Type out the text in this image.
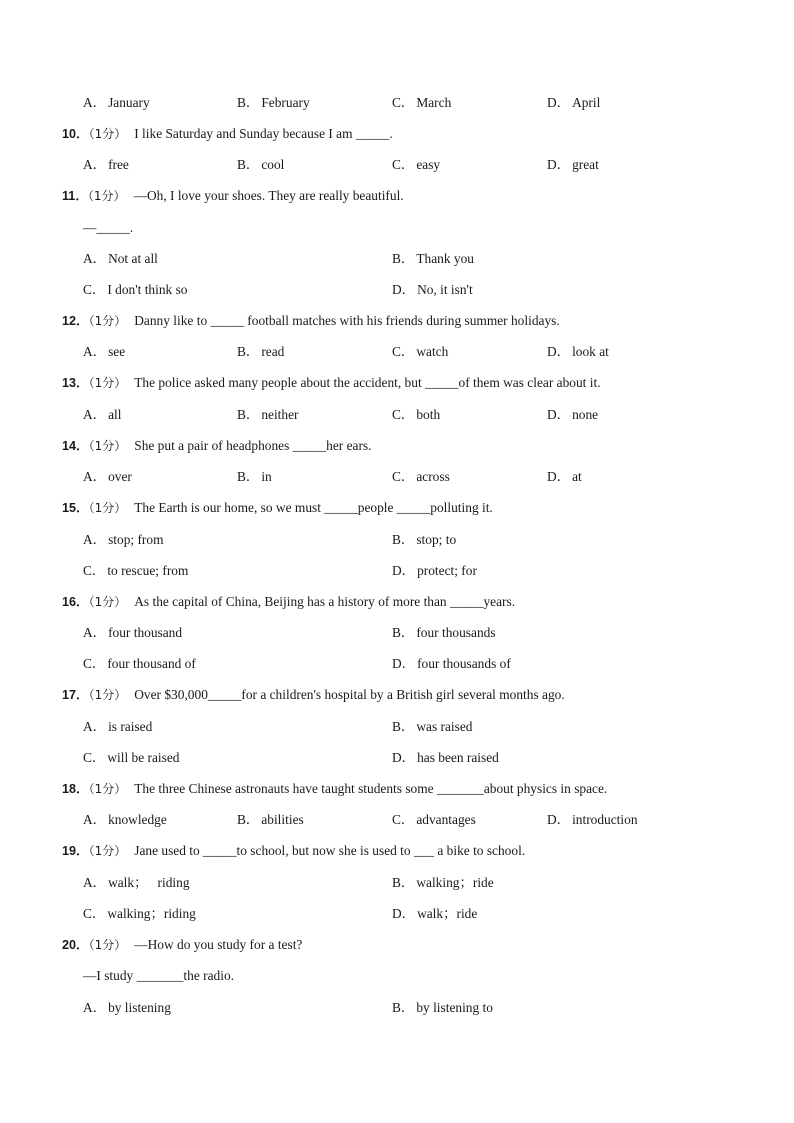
A． January	B． February	C． March	D． April
10．（1分） I like Saturday and Sunday because I am _____.
A． free	B． cool	C． easy	D． great
11．（1分） —Oh, I love your shoes. They are really beautiful.
—_____.
A． Not at all	B． Thank you
C． I don't think so	D． No, it isn't
12．（1分） Danny like to _____ football matches with his friends during summer holidays.
A． see	B． read	C． watch	D． look at
13．（1分） The police asked many people about the accident, but _____of them was clear about it.
A． all	B． neither	C． both	D． none
14．（1分） She put a pair of headphones _____her ears.
A． over	B． in	C． across	D． at
15．（1分） The Earth is our home, so we must _____people _____polluting it.
A． stop; from	B． stop; to
C． to rescue; from	D． protect; for
16．（1分） As the capital of China, Beijing has a history of more than _____years.
A． four thousand	B． four thousands
C． four thousand of	D． four thousands of
17．（1分） Over $30,000_____for a children's hospital by a British girl several months ago.
A． is raised	B． was raised
C． will be raised	D． has been raised
18．（1分） The three Chinese astronauts have taught students some _______about physics in space.
A． knowledge	B． abilities	C． advantages	D． introduction
19．（1分） Jane used to _____to school, but now she is used to ___ a bike to school.
A． walk；   riding	B． walking；ride
C． walking；riding	D． walk；ride
20．（1分） —How do you study for a test?
—I study _______the radio.
A． by listening	B． by listening to
